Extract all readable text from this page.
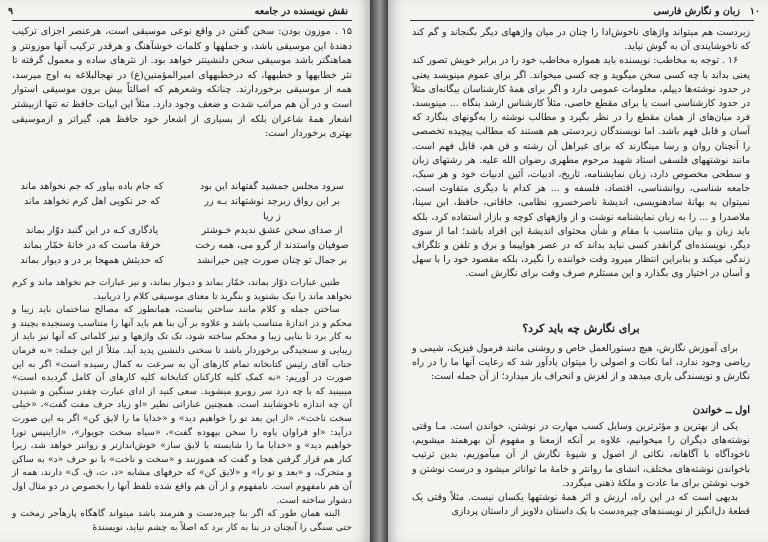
نقش نویسنده در جامعه
۹

۱۵ . موزون بودن: سخن گفتن در واقع نوعی موسیقی است، هرعنصر اجزای ترکیب دهندهٔ این موسیقی باشد، و جملهها و کلمات خوشآهنگ و هرقدر ترکیب آنها موزونتر و هماهنگتر باشد موسیقی سخن دلنشینتر خواهد بود. از نثرهای ساده و معمول گرفته تا نثر خطابهها و خطبهها، که درخطبههای امیرالمؤمنین(ع) در نهجالبلاغه به اوج میرسد، همه از موسیقی برخوردارند. چنانکه وشعرهم که اصالتاً بیش برون موسیقی استوار است و در آن هم مراتب شدت و ضعف وجود دارد. مثلاً این ابیات حافظ نه تنها ازبیشتر اشعار همهٔ شاعران بلکه از بسیاری از اشعار خود حافظ هم، گیراتر و ازموسیقی بهتری برخوردار است:

سرود مجلس جمشید گفتهاند این بود
که جام باده بیاور که جم نخواهد ماند
بر این رواق زبرجد نوشتهاند بـه زر
که جز نکویی اهل کرم نخواهد ماند
ز ریا
از صدای سخن عشق ندیدم خـوشتر
یادگاری کـه در این گنبد دوّار بماند
صوفیان واستدند از گرو می، همه رخت
خرقهٔ ماست که در خانهٔ خمّار بماند
بر جمال تو چنان صورت چین حیرانشد
که حدیثش همهجا بر در و دیوار بماند

طنین عبارات دوّار بماند، خمّار بماند و دیـوار بماند، و نیز عبارات جم نخواهد ماند و کرم نخواهد ماند را نیک بشنوید و بنگرید تا معنای موسیقی کلام را دریابید.

ساختن جمله و کلام مانند ساختن بناست، همانطور که مصالح ساختمان باید زیبا و محکم و در اندازهٔ متناسب باشد و علاوه بر آن بنا هم باید آنها را متناسب وسنجیده بچیند و به کار برد تا بنایی زیبا و محکم ساخته شود، تک تک واژهها و نیز کلماتی که آنها نیز باید از زیبایی و سنجیدگی برخوردار باشد تا سخنی دلنشین پدید آید. مثلاً از این جمله: «به فرمان جناب آقای رئیس کتابخانه تمام کارهای آن به سرعت به کمال رسیده است» اگر به این صورت در آوریم: «به کمک کلیه کارکنان کتابخانه کلیه کارهای آن کامل گردیده است» میبینید که با چه درد سر روبرو میشوید. سعی کنید از ادای عبارت چقدر سنگین و شنیدن آن چه اندازه ناخوشایند است. همچنین عباراتی نظیر «او زیاد حرف مفت گفت»، «خیلی سخت ناخت»، «از این بعد تو را خواهیم دید» و «خدایا ما را لایق کن» اگر به این صورت درآید: «او فراوان یاوه را سخن بیهوده گفت»، «سیاه سخت جویوار»، «ازاینپس تورا خواهیم دید» و «خدایا ما را شایسته یا لایق ساز» خوش‌اندازتر و روانتر خواهد شد، زیرا کنار هم قرار گرفتن هجا و گفت که هموزنند و «سخت و ناخت» با نو حرف «د» به ساکن و متحرک، و «بعد و تو را» و «لایق کن» که حرفهای مشابه «د، ت، ق، ک» دارند، همه از آن هم نامفهوم است. نامفهوم و از آن هم واقع شده تلفظ آنها را بخصوص در دو مثال اول دشوار ساخته است.

البته همان طور که اگر بنا چیره‌دست و هنرمند باشد میتواند گاهگاه پارهآجر زمخت و حتی سنگی را آنچنان در بنا به کار برد که اصلاً به چشم نیاید، نویسندهٔ

۱۰
زبان و نگارش فارسی

زبردست هم میتواند واژهای ناخوش‌ادا را چنان در میان واژههای دیگر بگنجاند و گم کند که ناخوشایندی آن به گوش نیاید.

۱۶ . توجه به مخاطب: نویسنده باید همواره مخاطب خود را در برابر خویش تصور کند یعنی بداند با چه کسی سخن میگوید و چه کسی میخواند. اگر برای عموم مینویسد یعنی در حدود نوشته‌ها دیپلم، معلومات عمومی دارد و اگر برای همهٔ کارشناسان بیگانه‌ای مثلاً در حدود کارشناسی است یا برای مقطع خاصی، مثلاً کارشناس ارشد بنگاه ... مینویسد، فرد میان‌های از همان مقطع را در نظر بگیرد و مطالب نوشته را به‌گونهای بنگارد که آسان و قابل فهم باشد. اما نویسندگان زبردستی هم هستند که مطالب پیچیده تخصصی را آنچنان روان و رسا مینگارند که برای غیراهل آن رشته و فن هم، قابل فهم است. مانند نوشتههای فلسفی استاد شهید مرحوم مطهری رضوان الله علیه. هر رشتهای زبان و سطحی مخصوص دارد، زبان نمایشنامه، تاریخ، ادبیات، آئین ادبیات خود و هر سبک، جامعه شناسی، روانشناسی، اقتصاد، فلسفه و ... هر کدام با دیگری متفاوت است. نمیتوان به بهانهٔ سادهنویسی، اندیشهٔ ناصرخسرو، نظامی، خاقانی، حافظ، ابن سینا، ملاصدرا و ... را به زبان نمایشنامه نوشت و از واژههای کوچه و بازار استفاده کرد، بلکه باید زبان و بیان متناسب با مقام و شأن محتوای اندیشهٔ این افراد باشد؛ اما از سوی دیگر، نویسنده‌ای گرانقدر کسی نباید بداند که در عصر هواپیما و برق و تلفن و تلگراف زندگی میکند و بنابراین انتظار میرود وقت خواننده را نگیرد، بلکه مقصود خود را با سهل و آسان در اختیار وی بگذارد و این مستلزم صرف وقت برای نگارش است.

برای نگارش چه باید کرد؟

برای آموزش نگارش، هیچ دستورالعمل خاص و روشنی مانند فرمول فیزیک، شیمی و ریاضی وجود ندارد، اما نکات و اصولی را میتوان یادآور شد که رعایت آنها ما را در راه نگارش و نویسندگی یاری میدهد و از لغزش و انحراف باز میدارد؛ از آن جمله است:

اول ــ خواندن

یکی از بهترین و مؤثرترین وسایل کسب مهارت در نوشتن، خواندن است. مـا وقتی نوشته‌های دیگران را میخوانیم، علاوه بر آنکه ازمعنا و مفهوم آن بهرهمند میشویم، ناخودآگاه با آگاهانه، نکاتی از اصول و شیوهٔ نگارش از آن میآموزیم، بدین ترتیب باخواندن نوشته‌های مختلف، انشای ما روانتر و خامهٔ ما تواناتر میشود و درست نوشتن و خوب نوشتن برای ما عادت و ملکهٔ ذهنی میگردد.

بدیهی است که در این راه، ارزش و اثر همهٔ نوشتهها یکسان نیست. مثلاً وقتی یک قطعهٔ دل‌انگیز از نویسندهای چیره‌دست با یک داستان دلاویز از داستان پردازی
